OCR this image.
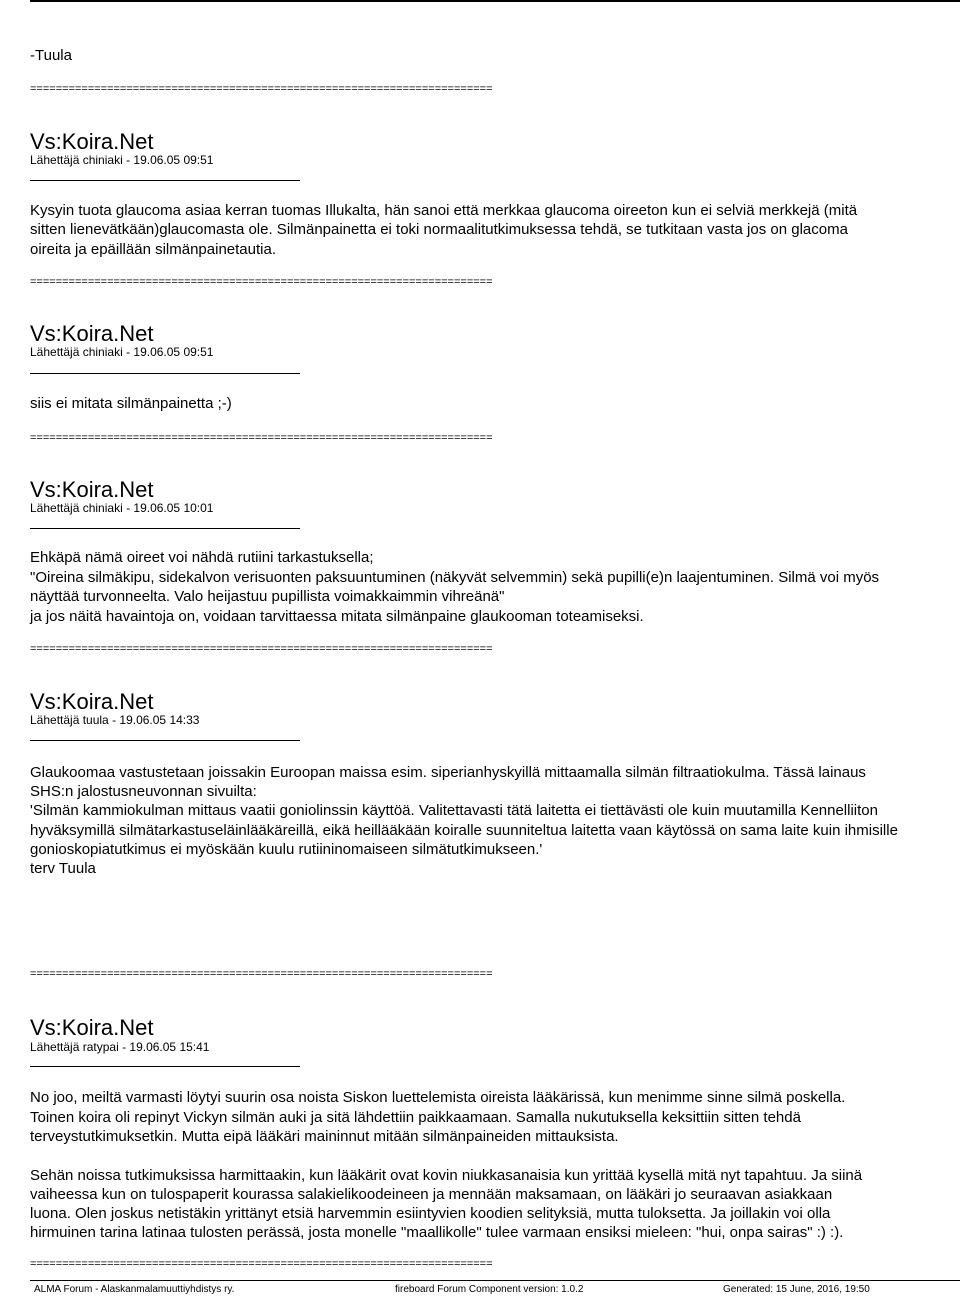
-Tuula
========================================================================
Vs:Koira.Net
Lähettäjä chiniaki - 19.06.05 09:51
Kysyin tuota glaucoma asiaa kerran tuomas Illukalta, hän sanoi että merkkaa glaucoma oireeton kun ei selviä merkkejä (mitä
sitten lienevätkään)glaucomasta ole. Silmänpainetta ei toki normaalitutkimuksessa tehdä, se tutkitaan vasta jos on glacoma
oireita ja epäillään silmänpainetautia.
========================================================================
Vs:Koira.Net
Lähettäjä chiniaki - 19.06.05 09:51
siis ei mitata silmänpainetta ;-)
========================================================================
Vs:Koira.Net
Lähettäjä chiniaki - 19.06.05 10:01
Ehkäpä nämä oireet voi nähdä rutiini tarkastuksella;
"Oireina silmäkipu, sidekalvon verisuonten paksuuntuminen (näkyvät selvemmin) sekä pupilli(e)n laajentuminen. Silmä voi myös
näyttää turvonneelta. Valo heijastuu pupillista voimakkaimmin vihreänä"
ja jos näitä havaintoja on, voidaan tarvittaessa mitata silmänpaine glaukooman toteamiseksi.
========================================================================
Vs:Koira.Net
Lähettäjä tuula - 19.06.05 14:33
Glaukoomaa vastustetaan joissakin Euroopan maissa esim. siperianhyskyillä mittaamalla silmän filtraatiokulma. Tässä lainaus
SHS:n jalostusneuvonnan sivuilta:
'Silmän kammiokulman mittaus vaatii goniolinssin käyttöä. Valitettavasti tätä laitetta ei tiettävästi ole kuin muutamilla Kennelliiton
hyväksymillä silmätarkastuseläinlääkäreillä, eikä heillääkään koiralle suunniteltua laitetta vaan käytössä on sama laite kuin ihmisille
gonioskopiatutkimus ei myöskään kuulu rutiininomaiseen silmätutkimukseen.'
terv Tuula
========================================================================
Vs:Koira.Net
Lähettäjä ratypai - 19.06.05 15:41
No joo, meiltä varmasti löytyi suurin osa noista Siskon luettelemista oireista lääkärissä, kun menimme sinne silmä poskella.
Toinen koira oli repinyt Vickyn silmän auki ja sitä lähdettiin paikkaamaan. Samalla nukutuksella keksittiin sitten tehdä
terveystutkimuksetkin. Mutta eipä lääkäri maininnut mitään silmänpaineiden mittauksista.
Sehän noissa tutkimuksissa harmittaakin, kun lääkärit ovat kovin niukkasanaisia kun yrittää kysellä mitä nyt tapahtuu. Ja siinä
vaiheessa kun on tulospaperit kourassa salakielikoodeineen ja mennään maksamaan, on lääkäri jo seuraavan asiakkaan
luona. Olen joskus netistäkin yrittänyt etsiä harvemmin esiintyvien koodien selityksiä, mutta tuloksetta. Ja joillakin voi olla
hirmuinen tarina latinaa tulosten perässä, josta monelle "maallikolle" tulee varmaan ensiksi mieleen: "hui, onpa sairas" :) :).
========================================================================
ALMA Forum - Alaskanmalamuuttiyhdistys ry.	fireboard Forum Component version: 1.0.2	Generated: 15 June, 2016, 19:50
